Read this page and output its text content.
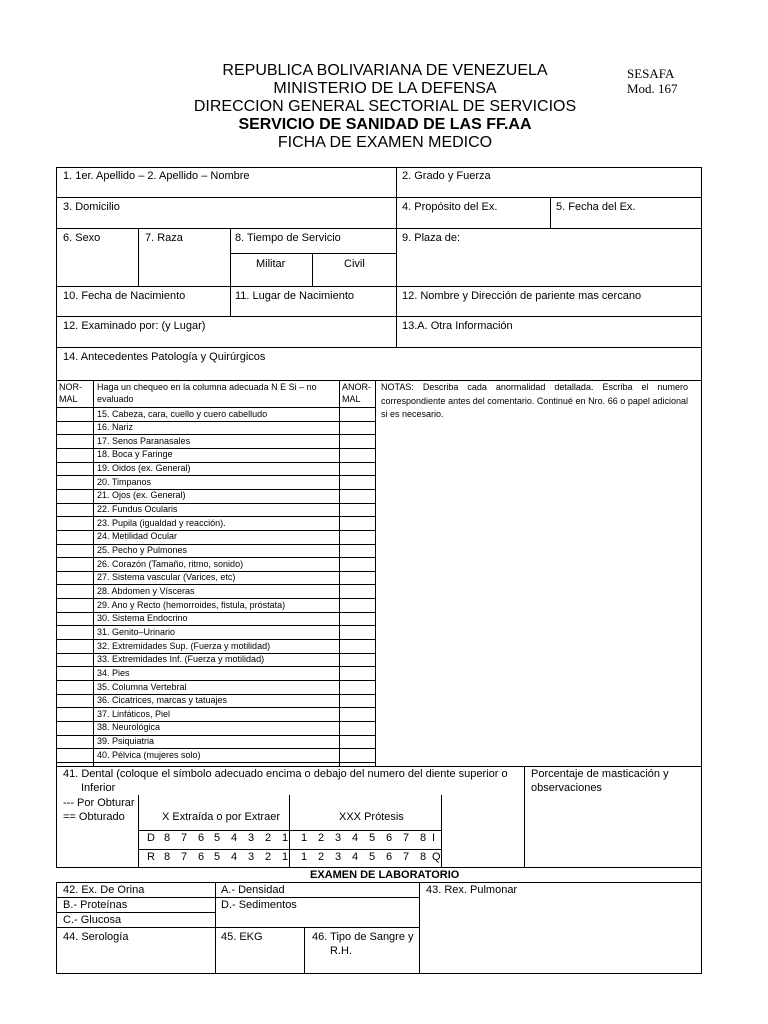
REPUBLICA BOLIVARIANA DE VENEZUELA
MINISTERIO DE LA DEFENSA
DIRECCION GENERAL SECTORIAL DE SERVICIOS
SERVICIO DE SANIDAD DE LAS FF.AA
FICHA DE EXAMEN MEDICO
SESAFA
Mod. 167
1. 1er. Apellido – 2. Apellido – Nombre	2. Grado y Fuerza
3. Domicilio	4. Propósito del Ex.	5. Fecha del Ex.
6. Sexo	7. Raza	8. Tiempo de Servicio
Militar	Civil
9. Plaza de:
10. Fecha de Nacimiento	11. Lugar de Nacimiento	12. Nombre y Dirección de pariente mas cercano
12. Examinado por: (y Lugar)	13.A. Otra Información
14. Antecedentes Patología y Quirúrgicos
NOR-
MAL
Haga un chequeo en la columna adecuada N E Si – no
evaluado
ANOR-
MAL
NOTAS: Describa cada anormalidad detallada. Escriba el numero correspondiente antes del comentario. Continué en Nro. 66 o papel adicional si es necesario.
15. Cabeza, cara, cuello y cuero cabelludo
16. Nariz
17. Senos Paranasales
18. Boca y Faringe
19. Oidos (ex. General)
20. Timpanos
21. Ojos (ex. General)
22. Fundus Ocularis
23. Pupila (igualdad y reacción).
24. Metilidad Ocular
25. Pecho y Pulmones
26. Corazón (Tamaño, ritmo, sonido)
27. Sistema vascular (Varices, etc)
28. Abdomen y Vísceras
29. Ano y Recto (hemorroides, fistula, próstata)
30. Sistema Endocrino
31. Genito–Urinario
32. Extremidades Sup. (Fuerza y motilidad)
33. Extremidades Inf. (Fuerza y motilidad)
34. Pies
35. Columna Vertebral
36. Cicatrices, marcas y tatuajes
37. Linfáticos, Piel
38. Neurológica
39. Psiquiatria
40. Pélvica (mujeres solo)
41. Dental (coloque el símbolo adecuado encima o debajo del numero del diente superior o
Inferior
Porcentaje de masticación y
observaciones
--- Por Obturar
== Obturado	X Extraída o por Extraer	XXX Prótesis
D 8 7 6 5 4 3 2 1 1 2 3 4 5 6 7 8 I
R 8 7 6 5 4 3 2 1 1 2 3 4 5 6 7 8 Q
EXAMEN DE LABORATORIO
42. Ex. De Orina	A.- Densidad
B.- Proteínas	D.- Sedimentos
C.- Glucosa
43. Rex. Pulmonar
44. Serología	45. EKG	46. Tipo de Sangre y
R.H.
